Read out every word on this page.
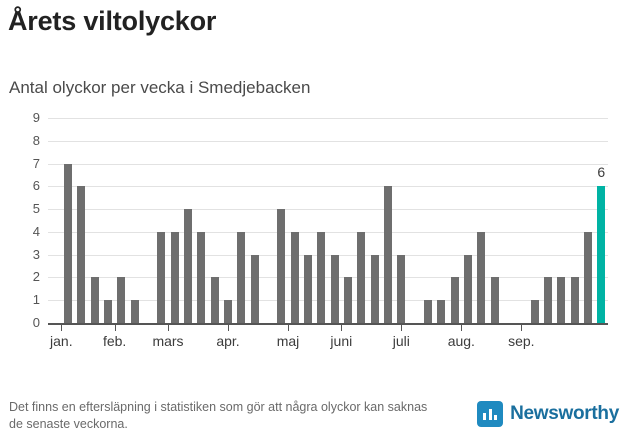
Årets viltolyckor
Antal olyckor per vecka i Smedjebacken
0
1
2
3
4
5
6
7
8
9
6
jan.	feb.	mars	apr.	maj	juni	juli	aug.	sep.
Det finns en eftersläpning i statistiken som gör att några olyckor kan saknas de senaste veckorna.	Newsworthy
